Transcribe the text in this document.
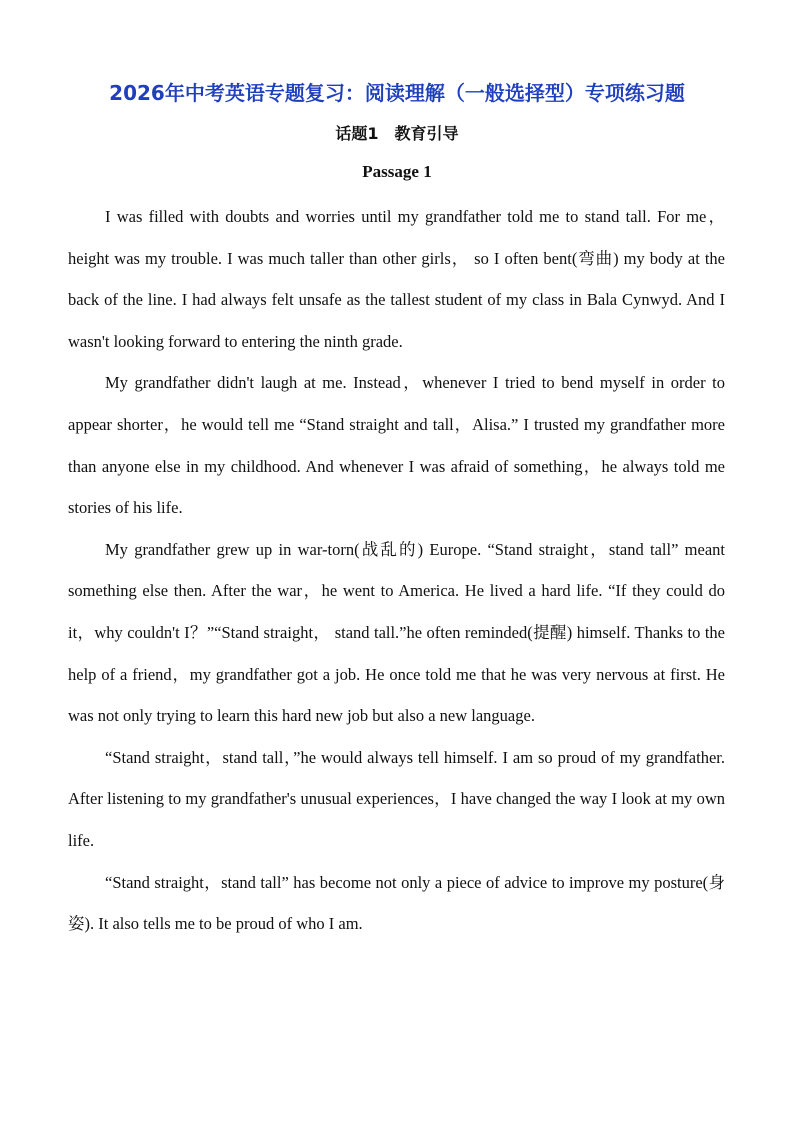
2026年中考英语专题复习：阅读理解（一般选择型）专项练习题
话题1　教育引导
Passage 1

I was filled with doubts and worries until my grandfather told me to stand tall. For me， height was my trouble. I was much taller than other girls， so I often bent(弯曲) my body at the back of the line. I had always felt unsafe as the tallest student of my class in Bala Cynwyd. And I wasn't looking forward to entering the ninth grade.

My grandfather didn't laugh at me. Instead，whenever I tried to bend myself in order to appear shorter，he would tell me “Stand straight and tall，Alisa.” I trusted my grandfather more than anyone else in my childhood. And whenever I was afraid of something，he always told me stories of his life.

My grandfather grew up in war-torn(战乱的) Europe. “Stand straight，stand tall” meant something else then. After the war，he went to America. He lived a hard life. “If they could do it，why couldn't I？”“Stand straight， stand tall.”he often reminded(提醒) himself. Thanks to the help of a friend，my grandfather got a job. He once told me that he was very nervous at first. He was not only trying to learn this hard new job but also a new language.

“Stand straight，stand tall，”he would always tell himself. I am so proud of my grandfather. After listening to my grandfather's unusual experiences，I have changed the way I look at my own life.

“Stand straight，stand tall” has become not only a piece of advice to improve my posture(身姿). It also tells me to be proud of who I am.
